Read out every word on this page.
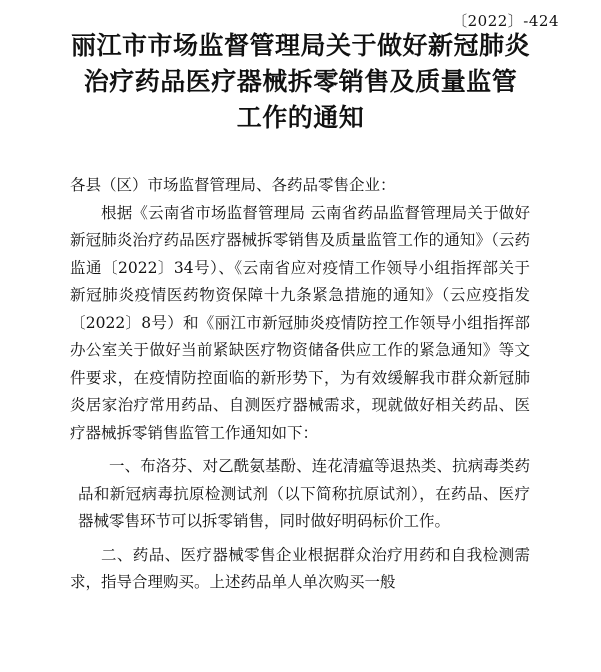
〔2022〕-424
丽江市市场监督管理局关于做好新冠肺炎
治疗药品医疗器械拆零销售及质量监管
工作的通知

各县（区）市场监督管理局、各药品零售企业：

根据《云南省市场监督管理局 云南省药品监督管理局关于做好新冠肺炎治疗药品医疗器械拆零销售及质量监管工作的通知》（云药监通〔2022〕34号）、《云南省应对疫情工作领导小组指挥部关于新冠肺炎疫情医药物资保障十九条紧急措施的通知》（云应疫指发〔2022〕8号）和《丽江市新冠肺炎疫情防控工作领导小组指挥部办公室关于做好当前紧缺医疗物资储备供应工作的紧急通知》等文件要求，在疫情防控面临的新形势下，为有效缓解我市群众新冠肺炎居家治疗常用药品、自测医疗器械需求，现就做好相关药品、医疗器械拆零销售监管工作通知如下：

一、布洛芬、对乙酰氨基酚、连花清瘟等退热类、抗病毒类药品和新冠病毒抗原检测试剂（以下简称抗原试剂），在药品、医疗器械零售环节可以拆零销售，同时做好明码标价工作。

二、药品、医疗器械零售企业根据群众治疗用药和自我检测需求，指导合理购买。上述药品单人单次购买一般
